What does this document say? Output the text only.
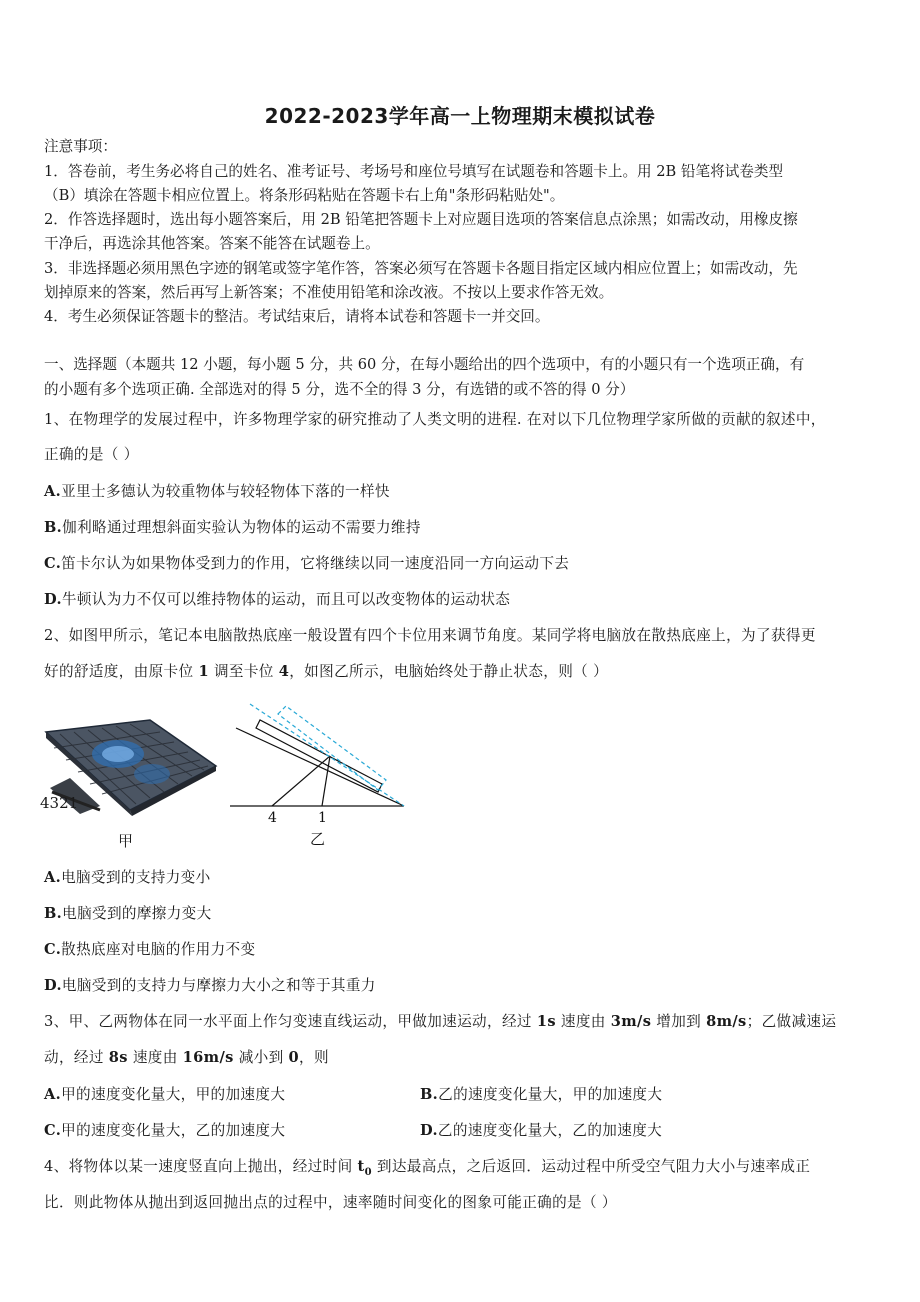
2022-2023学年高一上物理期末模拟试卷
注意事项：
1．答卷前，考生务必将自己的姓名、准考证号、考场号和座位号填写在试题卷和答题卡上。用 2B 铅笔将试卷类型
（B）填涂在答题卡相应位置上。将条形码粘贴在答题卡右上角"条形码粘贴处"。
2．作答选择题时，选出每小题答案后，用 2B 铅笔把答题卡上对应题目选项的答案信息点涂黑；如需改动，用橡皮擦
干净后，再选涂其他答案。答案不能答在试题卷上。
3．非选择题必须用黑色字迹的钢笔或签字笔作答，答案必须写在答题卡各题目指定区域内相应位置上；如需改动，先
划掉原来的答案，然后再写上新答案；不准使用铅笔和涂改液。不按以上要求作答无效。
4．考生必须保证答题卡的整洁。考试结束后，请将本试卷和答题卡一并交回。
一、选择题（本题共 12 小题，每小题 5 分，共 60 分，在每小题给出的四个选项中，有的小题只有一个选项正确，有
的小题有多个选项正确. 全部选对的得 5 分，选不全的得 3 分，有选错的或不答的得 0 分）
1、在物理学的发展过程中，许多物理学家的研究推动了人类文明的进程. 在对以下几位物理学家所做的贡献的叙述中，
正确的是（ ）
A.亚里士多德认为较重物体与较轻物体下落的一样快
B.伽利略通过理想斜面实验认为物体的运动不需要力维持
C.笛卡尔认为如果物体受到力的作用，它将继续以同一速度沿同一方向运动下去
D.牛顿认为力不仅可以维持物体的运动，而且可以改变物体的运动状态
2、如图甲所示，笔记本电脑散热底座一般设置有四个卡位用来调节角度。某同学将电脑放在散热底座上，为了获得更
好的舒适度，由原卡位 1 调至卡位 4，如图乙所示，电脑始终处于静止状态，则（ ）
4321
甲
4	1
乙
A.电脑受到的支持力变小
B.电脑受到的摩擦力变大
C.散热底座对电脑的作用力不变
D.电脑受到的支持力与摩擦力大小之和等于其重力
3、甲、乙两物体在同一水平面上作匀变速直线运动，甲做加速运动，经过 1s 速度由 3m/s 增加到 8m/s；乙做减速运
动，经过 8s 速度由 16m/s 减小到 0，则
A.甲的速度变化量大，甲的加速度大	B.乙的速度变化量大，甲的加速度大
C.甲的速度变化量大，乙的加速度大	D.乙的速度变化量大，乙的加速度大
4、将物体以某一速度竖直向上抛出，经过时间 $t_0$ 到达最高点，之后返回．运动过程中所受空气阻力大小与速率成正
比．则此物体从抛出到返回抛出点的过程中，速率随时间变化的图象可能正确的是（ ）
